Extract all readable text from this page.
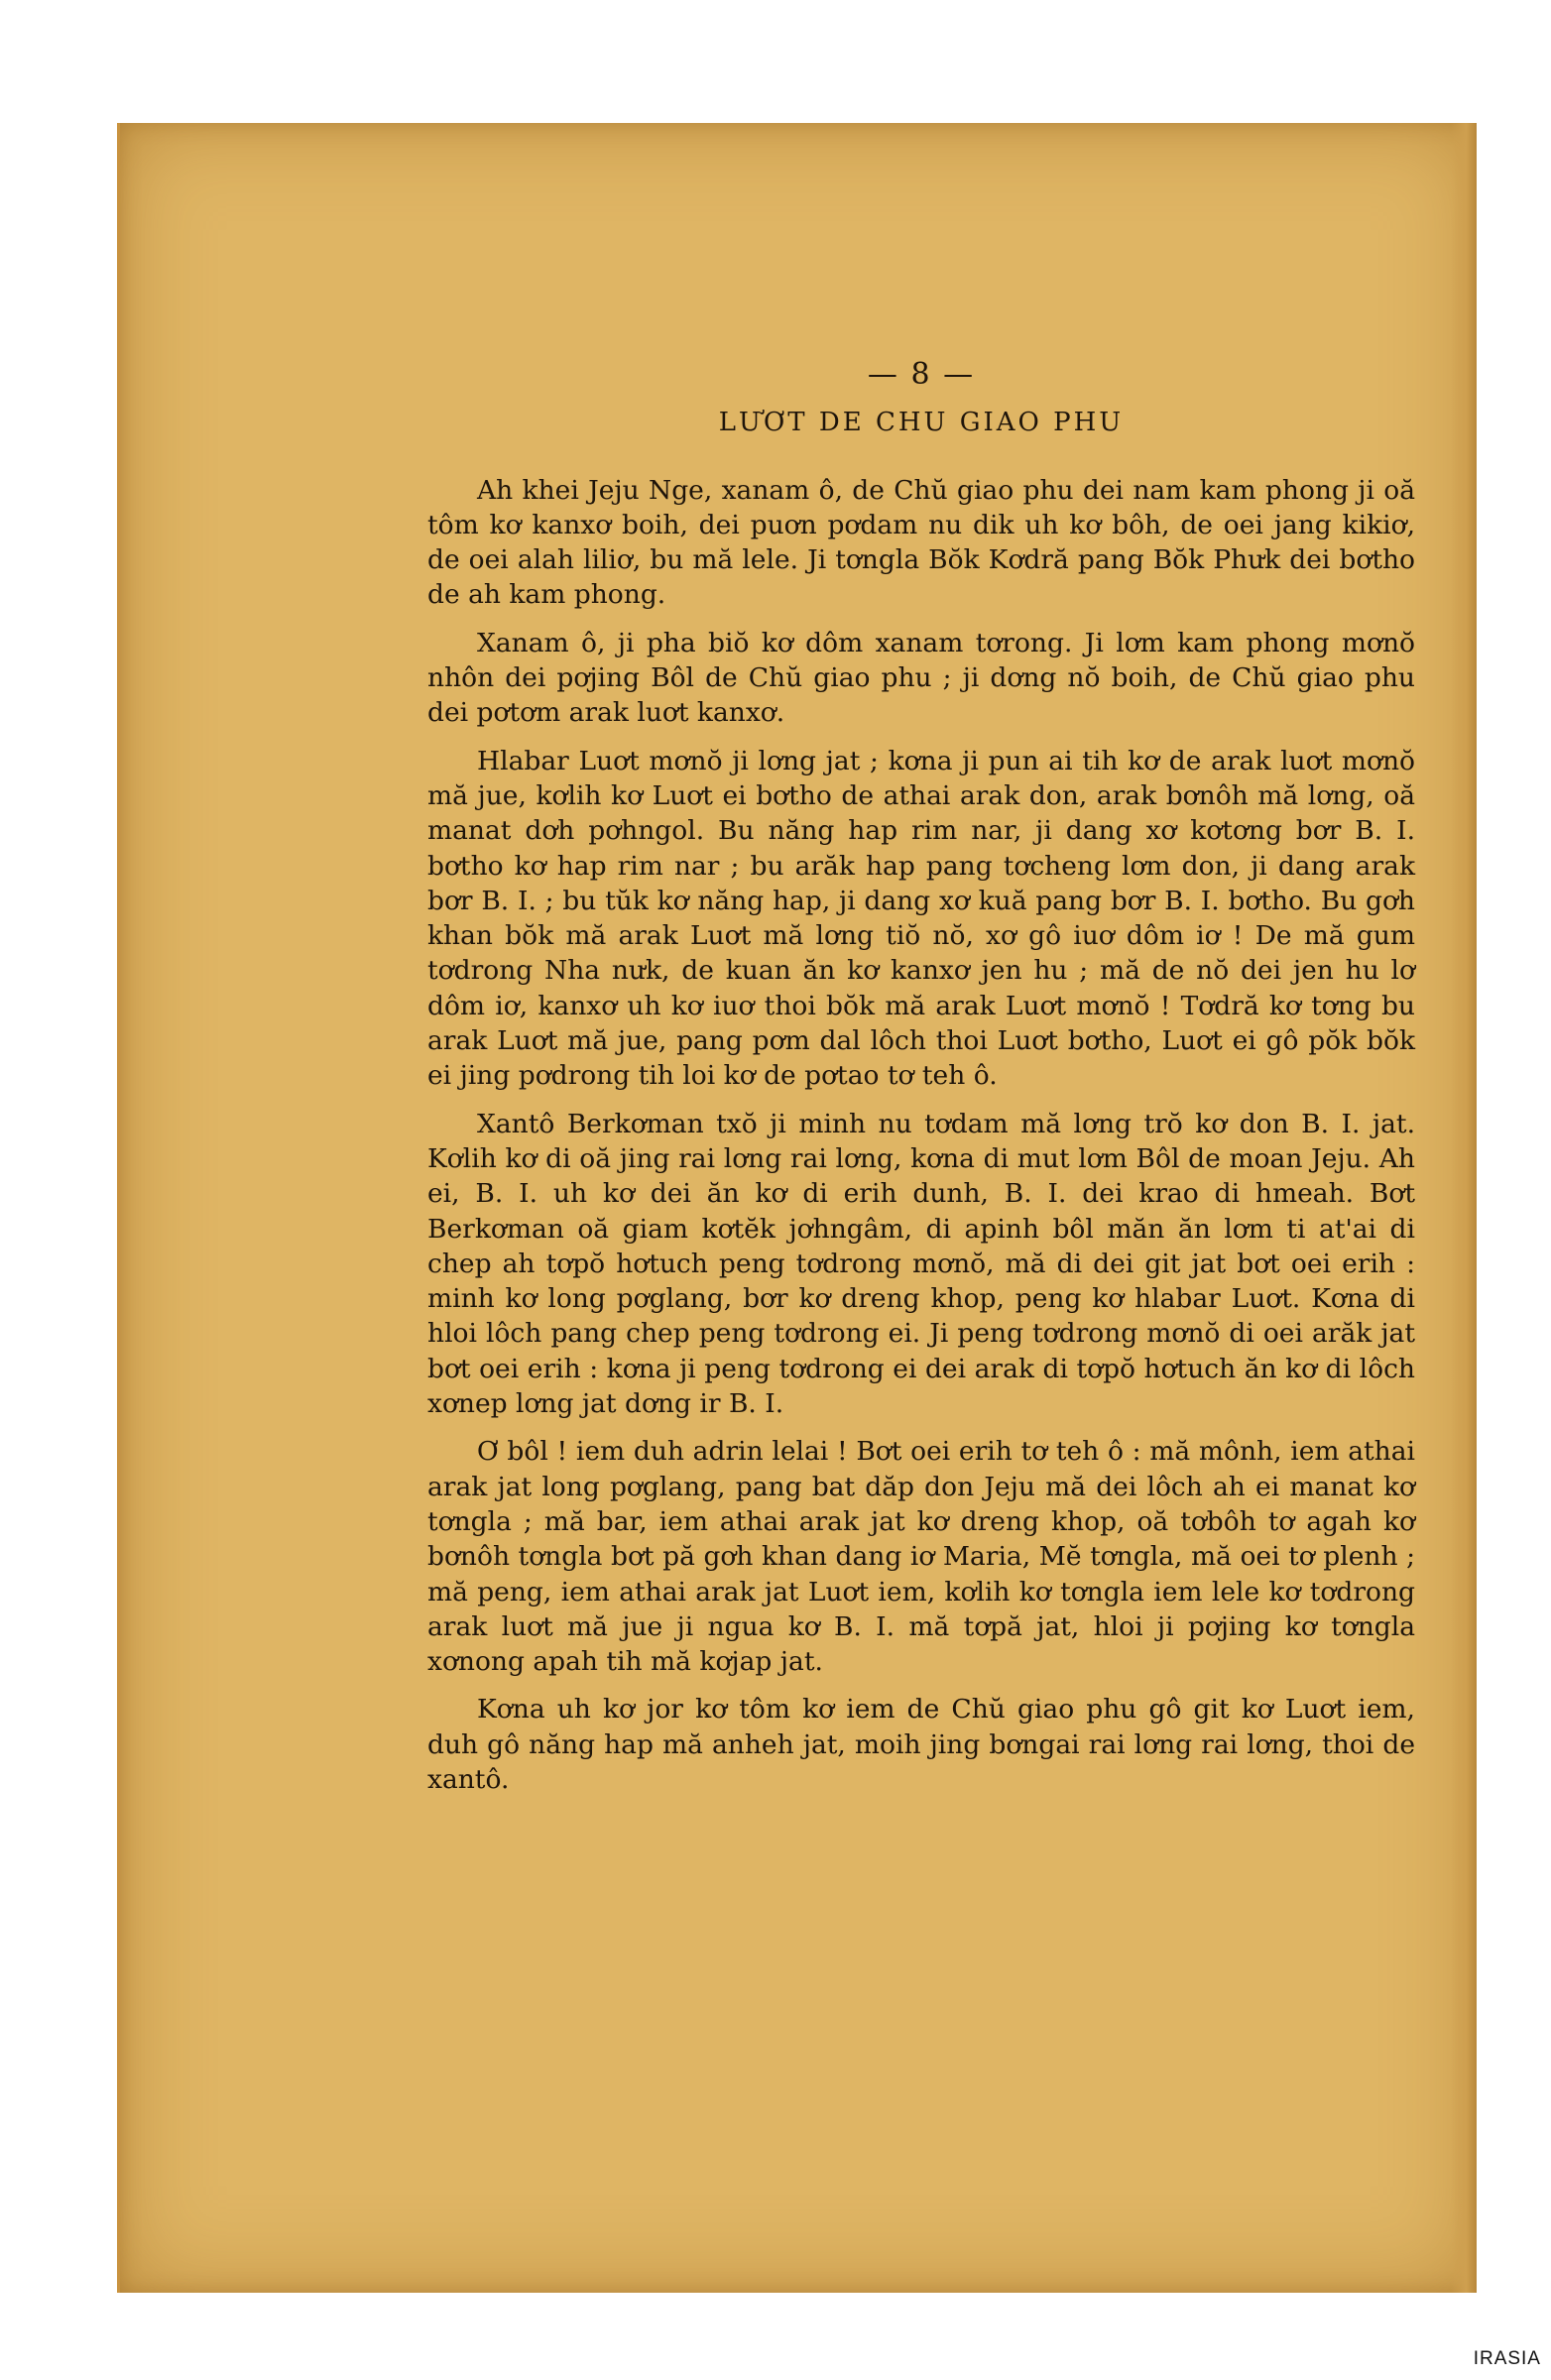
— 8 —
LƯƠT DE CHU GIAO PHU

Ah khei Jeju Nge, xanam ô, de Chŭ giao phu dei nam kam phong ji oă tôm kơ kanxơ boih, dei puơn pơdam nu dik uh kơ bôh, de oei jang kikiơ, de oei alah liliơ, bu mă lele. Ji tơngla Bŏk Kơdră pang Bŏk Phưk dei bơtho de ah kam phong.

Xanam ô, ji pha biŏ kơ dôm xanam tơrong. Ji lơm kam phong mơnŏ nhôn dei pơjing Bôl de Chŭ giao phu ; ji dơng nŏ boih, de Chŭ giao phu dei pơtơm arak luơt kanxơ.

Hlabar Luơt mơnŏ ji lơng jat ; kơna ji pun ai tih kơ de arak luơt mơnŏ mă jue, kơlih kơ Luơt ei bơtho de athai arak don, arak bơnôh mă lơng, oă manat dơh pơhngol. Bu năng hap rim nar, ji dang xơ kơtơng bơr B. I. bơtho kơ hap rim nar ; bu arăk hap pang tơcheng lơm don, ji dang arak bơr B. I. ; bu tŭk kơ năng hap, ji dang xơ kuă pang bơr B. I. bơtho. Bu gơh khan bŏk mă arak Luơt mă lơng tiŏ nŏ, xơ gô iuơ dôm iơ ! De mă gum tơdrong Nha nưk, de kuan ăn kơ kanxơ jen hu ; mă de nŏ dei jen hu lơ dôm iơ, kanxơ uh kơ iuơ thoi bŏk mă arak Luơt mơnŏ ! Tơdră kơ tơng bu arak Luơt mă jue, pang pơm dal lôch thoi Luơt bơtho, Luơt ei gô pŏk bŏk ei jing pơdrong tih loi kơ de pơtao tơ teh ô.

Xantô Berkơman txŏ ji minh nu tơdam mă lơng trŏ kơ don B. I. jat. Kơlih kơ di oă jing rai lơng rai lơng, kơna di mut lơm Bôl de moan Jeju. Ah ei, B. I. uh kơ dei ăn kơ di erih dunh, B. I. dei krao di hmeah. Bơt Berkơman oă giam kơtĕk jơhngâm, di apinh bôl măn ăn lơm ti at'ai di chep ah tơpŏ hơtuch peng tơdrong mơnŏ, mă di dei git jat bơt oei erih : minh kơ long pơglang, bơr kơ dreng khop, peng kơ hlabar Luơt. Kơna di hloi lôch pang chep peng tơdrong ei. Ji peng tơdrong mơnŏ di oei arăk jat bơt oei erih : kơna ji peng tơdrong ei dei arak di tơpŏ hơtuch ăn kơ di lôch xơnep lơng jat dơng ir B. I.

Ơ bôl ! iem duh adrin lelai ! Bơt oei erih tơ teh ô : mă mônh, iem athai arak jat long pơglang, pang bat dăp don Jeju mă dei lôch ah ei manat kơ tơngla ; mă bar, iem athai arak jat kơ dreng khop, oă tơbôh tơ agah kơ bơnôh tơngla bơt pă gơh khan dang iơ Maria, Mĕ tơngla, mă oei tơ plenh ; mă peng, iem athai arak jat Luơt iem, kơlih kơ tơngla iem lele kơ tơdrong arak luơt mă jue ji ngua kơ B. I. mă tơpă jat, hloi ji pơjing kơ tơngla xơnong apah tih mă kơjap jat.

Kơna uh kơ jor kơ tôm kơ iem de Chŭ giao phu gô git kơ Luơt iem, duh gô năng hap mă anheh jat, moih jing bơngai rai lơng rai lơng, thoi de xantô.

IRASIA
